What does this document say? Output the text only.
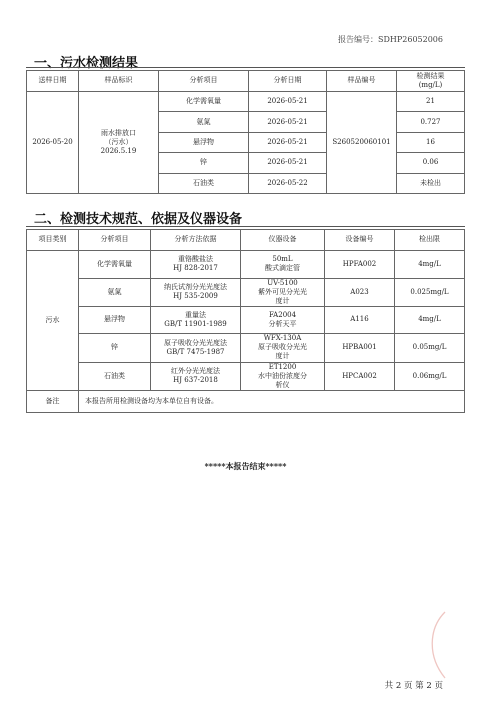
报告编号：SDHP26052006
一、污水检测结果
送样日期	样品标识	分析项目	分析日期	样品编号	检测结果
(mg/L)
2026-05-20	雨水排放口
（污水）
2026.5.19	化学需氧量	2026-05-21	S260520060101	21
		氨氮	2026-05-21		0.727
		悬浮物	2026-05-21		16
		锌	2026-05-21		0.06
		石油类	2026-05-22		未检出
二、检测技术规范、依据及仪器设备
项目类别	分析项目	分析方法依据	仪器设备	设备编号	检出限
污水	化学需氧量	重铬酸盐法
HJ 828-2017	50mL
酸式滴定管	HPFA002	4mg/L
	氨氮	纳氏试剂分光光度法
HJ 535-2009	UV-5100
紫外可见分光光
度计	A023	0.025mg/L
	悬浮物	重量法
GB/T 11901-1989	FA2004
分析天平	A116	4mg/L
	锌	原子吸收分光光度法
GB/T 7475-1987	WFX-130A
原子吸收分光光
度计	HPBA001	0.05mg/L
	石油类	红外分光光度法
HJ 637-2018	ET1200
水中油份浓度分
析仪	HPCA002	0.06mg/L
备注	本报告所用检测设备均为本单位自有设备。				
*****本报告结束*****
共 2 页 第 2 页
